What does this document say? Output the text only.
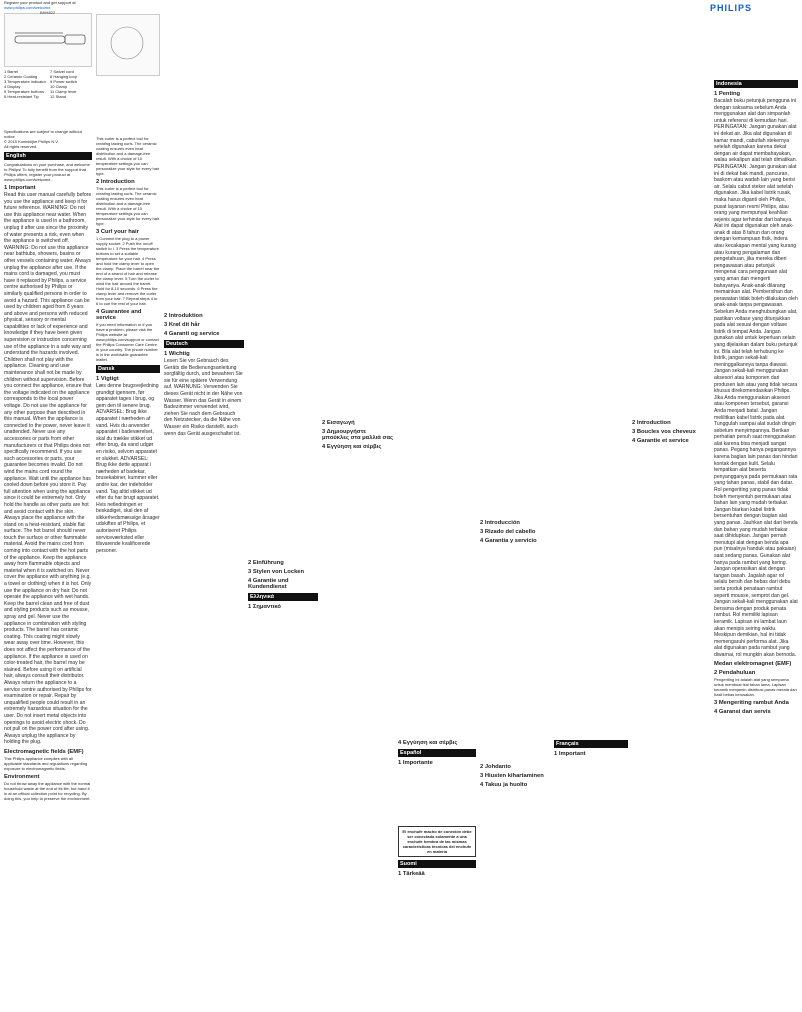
Register your product and get support at
www.philips.com/welcome
1 Barrel	7 Swivel cord
2 Ceramic Coating	8 Hanging loop
3 Temperature indicator 9 Power switch
4 Display	10 Clamp
5 Temperature buttons	11 Clamp lever
6 Heat-resistant Tip	12 Stand
Specifications are subject to change without notice
© 2015 Koninklijke Philips N.V.
All rights reserved.
English
Congratulations on your purchase, and welcome to Philips! To fully benefit from the support that Philips offers, register your product at www.philips.com/welcome.
1 Important
Read this user manual carefully before you use the appliance and keep it for future reference. WARNING: Do not use this appliance near water. When the appliance is used in a bathroom, unplug it after use since the proximity of water presents a risk, even when the appliance is switched off. WARNING: Do not use this appliance near bathtubs, showers, basins or other vessels containing water. Always unplug the appliance after use. If the mains cord is damaged, you must have it replaced by Philips, a service centre authorised by Philips or similarly qualified persons in order to avoid a hazard. This appliance can be used by children aged from 8 years and above and persons with reduced physical, sensory or mental capabilities or lack of experience and knowledge if they have been given supervision or instruction concerning use of the appliance in a safe way and understand the hazards involved. Children shall not play with the appliance. Cleaning and user maintenance shall not be made by children without supervision. Before you connect the appliance, ensure that the voltage indicated on the appliance corresponds to the local power voltage. Do not use the appliance for any other purpose than described in this manual. When the appliance is connected to the power, never leave it unattended. Never use any accessories or parts from other manufacturers or that Philips does not specifically recommend. If you use such accessories or parts, your guarantee becomes invalid. Do not wind the mains cord round the appliance. Wait until the appliance has cooled down before you store it. Pay full attention when using the appliance since it could be extremely hot. Only hold the handle as other parts are hot and avoid contact with the skin. Always place the appliance with the stand on a heat-resistant, stable flat surface. The hot barrel should never touch the surface or other flammable material. Avoid the mains cord from coming into contact with the hot parts of the appliance. Keep the appliance away from flammable objects and material when it is switched on. Never cover the appliance with anything (e.g. a towel or clothing) when it is hot. Only use the appliance on dry hair. Do not operate the appliance with wet hands. Keep the barrel clean and free of dust and styling products such as mousse, spray and gel. Never use the appliance in combination with styling products. The barrel has ceramic coating. This coating might slowly wear away over time. However, this does not affect the performance of the appliance. If the appliance is used on color-treated hair, the barrel may be stained. Before using it on artificial hair, always consult their distributor. Always return the appliance to a service centre authorised by Philips for examination or repair. Repair by unqualified people could result in an extremely hazardous situation for the user. Do not insert metal objects into openings to avoid electric shock. Do not pull on the power cord after using. Always unplug the appliance by holding the plug.
Electromagnetic fields (EMF)
This Philips appliance complies with all applicable standards and regulations regarding exposure to electromagnetic fields.
Environment
Do not throw away the appliance with the normal household waste at the end of its life, but hand it in at an official collection point for recycling. By doing this, you help to preserve the environment.
This curler is a perfect tool for creating lasting curls. The ceramic coating ensures even heat distribution and a damage-free result. With a choice of 10 temperature settings you can personalize your style for every hair type.
2 Introduction
This curler is a perfect tool for creating lasting curls. The ceramic coating ensures even heat distribution and a damage-free result. With a choice of 10 temperature settings you can personalize your style for every hair type.
3 Curl your hair
1 Connect the plug to a power supply socket. 2 Push the on/off switch to I. 3 Press the temperature buttons to set a suitable temperature for your hair. 4 Press and hold the clamp lever to open the clamp. Place the barrel near the end of a strand of hair and release the clamp lever. 5 Turn the curler to wind the hair around the barrel. Hold for 8-10 seconds. 6 Press the clamp lever and remove the curler from your hair. 7 Repeat steps 4 to 6 to curl the rest of your hair.
4 Guarantee and service
If you need information or if you have a problem, please visit the Philips website at www.philips.com/support or contact the Philips Consumer Care Centre in your country. The phone number is in the worldwide guarantee leaflet.
Dansk
1 Vigtigt
Læs denne brugsvejledning grundigt igennem, før apparatet tages i brug, og gem den til senere brug. ADVARSEL: Brug ikke apparatet i nærheden af vand. Hvis du anvender apparatet i badeværelset, skal du trække stikket ud efter brug, da vand udgør en risiko, selvom apparatet er slukket. ADVARSEL: Brug ikke dette apparat i nærheden af badekar, brusekabiner, kummer eller andre kar, der indeholder vand. Tag altid stikket ud efter du har brugt apparatet. Hvis netledningen er beskadiget, skal den af sikkerhedsmæssige årsager udskiftes af Philips, et autoriseret Philips serviceværksted eller tilsvarende kvalificerede personer.
2 Introduktion
3 Krøl dit hår
4 Garanti og service
Deutsch
1 Wichtig
Lesen Sie vor Gebrauch des Geräts die Bedienungsanleitung sorgfältig durch, und bewahren Sie sie für eine spätere Verwendung auf. WARNUNG: Verwenden Sie dieses Gerät nicht in der Nähe von Wasser. Wenn das Gerät in einem Badezimmer verwendet wird, ziehen Sie nach dem Gebrauch den Netzstecker, da die Nähe von Wasser ein Risiko darstellt, auch wenn das Gerät ausgeschaltet ist.
2 Einführung
3 Stylen von Locken
4 Garantie und Kundendienst
Ελληνικά
1 Σημαντικό
2 Εισαγωγή
3 Δημιουργήστε μπούκλες στα μαλλιά σας
4 Εγγύηση και σέρβις
4 Εγγύηση και σέρβις
Español
1 Importante
El enchufe macho de conexión debe ser conectado solamente a una enchufe hembra de las mismas características técnicas del enchufe en materia
Suomi
1 Tärkeää
2 Introducción
3 Rizado del cabello
4 Garantía y servicio
2 Johdanto
3 Hiusten kihartaminen
4 Takuu ja huolto
Français
1 Important
2 Introduction
3 Boucles vos cheveux
4 Garantie et service
Indonesia
1 Penting
Bacalah buku petunjuk pengguna ini dengan saksama sebelum Anda menggunakan alat dan simpanlah untuk referensi di kemudian hari. PERINGATAN: Jangan gunakan alat ini dekat air. Jika alat digunakan di kamar mandi, cabutlah stekernya setelah digunakan karena dekat dengan air dapat membahayakan, walau sekalipun alat telah dimatikan. PERINGATAN: Jangan gunakan alat ini di dekat bak mandi, pancuran, baskom atau wadah lain yang berisi air. Selalu cabut steker alat setelah digunakan. Jika kabel listrik rusak, maka harus diganti oleh Philips, pusat layanan resmi Philips, atau orang yang mempunyai keahlian sejenis agar terhindar dari bahaya. Alat ini dapat digunakan oleh anak-anak di atas 8 tahun dan orang dengan kemampuan fisik, indera atau kecakapan mental yang kurang atau kurang pengalaman dan pengetahuan, jika mereka diberi pengawasan atau petunjuk mengenai cara penggunaan alat yang aman dan mengerti bahayanya. Anak-anak dilarang memainkan alat. Pembersihan dan perawatan tidak boleh dilakukan oleh anak-anak tanpa pengawasan. Sebelum Anda menghubungkan alat, pastikan voltase yang ditunjukkan pada alat sesuai dengan voltase listrik di tempat Anda. Jangan gunakan alat untuk keperluan selain yang dijelaskan dalam buku petunjuk ini. Bila alat telah terhubung ke listrik, jangan sekali-kali meninggalkannya tanpa diawasi. Jangan sekali-kali menggunakan aksesori atau komponen dari produsen lain atau yang tidak secara khusus direkomendasikan Philips. Jika Anda menggunakan aksesori atau komponen tersebut, garansi Anda menjadi batal. Jangan melilitkan kabel listrik pada alat. Tunggulah sampai alat sudah dingin sebelum menyimpannya. Berikan perhatian penuh saat menggunakan alat karena bisa menjadi sangat panas. Pegang hanya pegangannya karena bagian lain panas dan hindari kontak dengan kulit. Selalu tempatkan alat beserta penyangganya pada permukaan rata yang tahan panas, stabil dan datar. Rol pengeriting yang panas tidak boleh menyentuh permukaan atau bahan lain yang mudah terbakar. Jangan biarkan kabel listrik bersentuhan dengan bagian alat yang panas. Jauhkan alat dari benda dan bahan yang mudah terbakar saat dihidupkan. Jangan pernah menutupi alat dengan benda apa pun (misalnya handuk atau pakaian) saat sedang panas. Gunakan alat hanya pada rambut yang kering. Jangan operasikan alat dengan tangan basah. Jagalah agar rol selalu bersih dan bebas dari debu serta produk penataan rambut seperti mousse, semprot dan gel. Jangan sekali-kali menggunakan alat bersama dengan produk penata rambut. Rol memiliki lapisan keramik. Lapisan ini lambat laun akan menipis seiring waktu. Meskipun demikian, hal ini tidak memengaruhi performa alat. Jika alat digunakan pada rambut yang diwarnai, rol mungkin akan bernoda.
Medan elektromagnet (EMF)
2 Pendahuluan
Pengeriting ini adalah alat yang sempurna untuk membuat ikal tahan lama. Lapisan keramik menjamin distribusi panas merata dan hasil bebas kerusakan.
3 Mengeriting rambut Anda
4 Garansi dan servis
PHILIPS
BHH822
